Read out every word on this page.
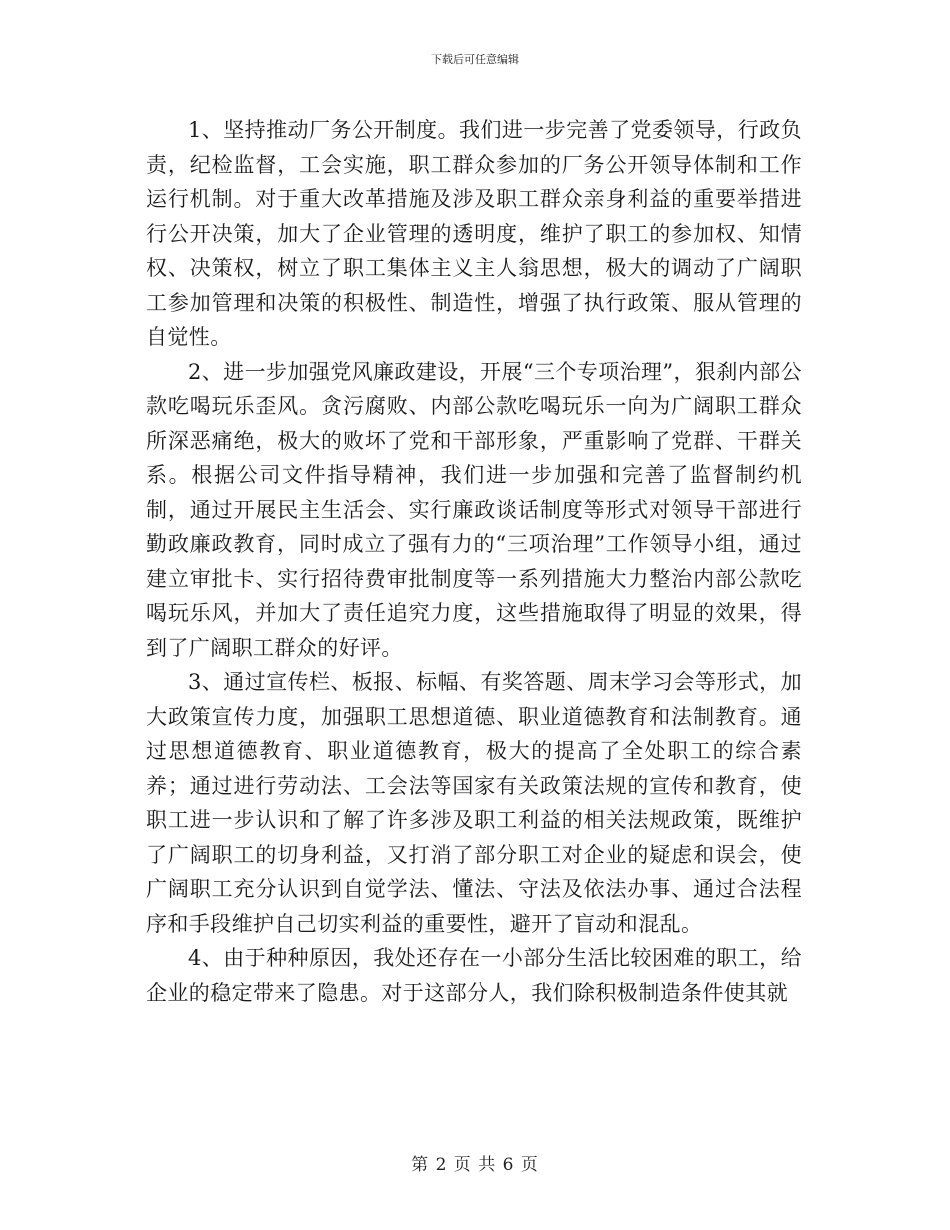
下载后可任意编辑

1、坚持推动厂务公开制度。我们进一步完善了党委领导，行政负责，纪检监督，工会实施，职工群众参加的厂务公开领导体制和工作运行机制。对于重大改革措施及涉及职工群众亲身利益的重要举措进行公开决策，加大了企业管理的透明度，维护了职工的参加权、知情权、决策权，树立了职工集体主义主人翁思想，极大的调动了广阔职工参加管理和决策的积极性、制造性，增强了执行政策、服从管理的自觉性。

2、进一步加强党风廉政建设，开展“三个专项治理”，狠刹内部公款吃喝玩乐歪风。贪污腐败、内部公款吃喝玩乐一向为广阔职工群众所深恶痛绝，极大的败坏了党和干部形象，严重影响了党群、干群关系。根据公司文件指导精神，我们进一步加强和完善了监督制约机制，通过开展民主生活会、实行廉政谈话制度等形式对领导干部进行勤政廉政教育，同时成立了强有力的“三项治理”工作领导小组，通过建立审批卡、实行招待费审批制度等一系列措施大力整治内部公款吃喝玩乐风，并加大了责任追究力度，这些措施取得了明显的效果，得到了广阔职工群众的好评。

3、通过宣传栏、板报、标幅、有奖答题、周末学习会等形式，加大政策宣传力度，加强职工思想道德、职业道德教育和法制教育。通过思想道德教育、职业道德教育，极大的提高了全处职工的综合素养；通过进行劳动法、工会法等国家有关政策法规的宣传和教育，使职工进一步认识和了解了许多涉及职工利益的相关法规政策，既维护了广阔职工的切身利益，又打消了部分职工对企业的疑虑和误会，使广阔职工充分认识到自觉学法、懂法、守法及依法办事、通过合法程序和手段维护自己切实利益的重要性，避开了盲动和混乱。

4、由于种种原因，我处还存在一小部分生活比较困难的职工，给企业的稳定带来了隐患。对于这部分人，我们除积极制造条件使其就

第 2 页 共 6 页
